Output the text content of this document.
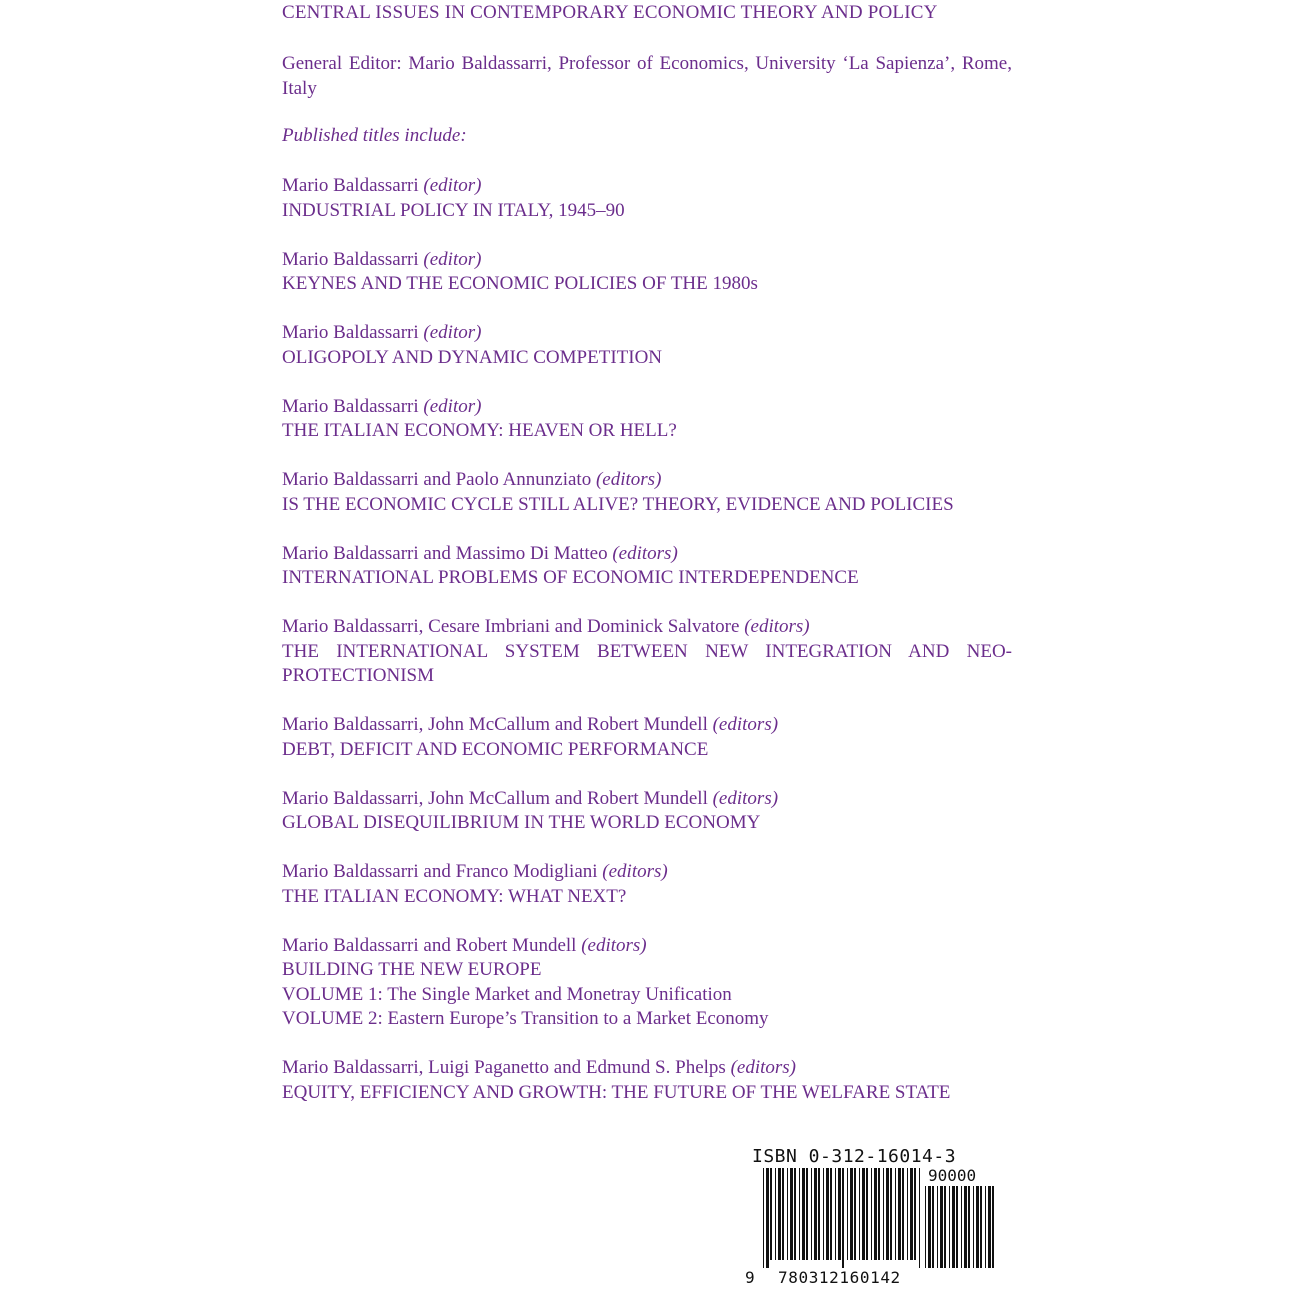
CENTRAL ISSUES IN CONTEMPORARY ECONOMIC THEORY AND POLICY
General Editor: Mario Baldassarri, Professor of Economics, University ‘La Sapienza’, Rome, Italy
Published titles include:
Mario Baldassarri (editor)
INDUSTRIAL POLICY IN ITALY, 1945–90
Mario Baldassarri (editor)
KEYNES AND THE ECONOMIC POLICIES OF THE 1980s
Mario Baldassarri (editor)
OLIGOPOLY AND DYNAMIC COMPETITION
Mario Baldassarri (editor)
THE ITALIAN ECONOMY: HEAVEN OR HELL?
Mario Baldassarri and Paolo Annunziato (editors)
IS THE ECONOMIC CYCLE STILL ALIVE? THEORY, EVIDENCE AND POLICIES
Mario Baldassarri and Massimo Di Matteo (editors)
INTERNATIONAL PROBLEMS OF ECONOMIC INTERDEPENDENCE
Mario Baldassarri, Cesare Imbriani and Dominick Salvatore (editors)
THE INTERNATIONAL SYSTEM BETWEEN NEW INTEGRATION AND NEO-PROTECTIONISM
Mario Baldassarri, John McCallum and Robert Mundell (editors)
DEBT, DEFICIT AND ECONOMIC PERFORMANCE
Mario Baldassarri, John McCallum and Robert Mundell (editors)
GLOBAL DISEQUILIBRIUM IN THE WORLD ECONOMY
Mario Baldassarri and Franco Modigliani (editors)
THE ITALIAN ECONOMY: WHAT NEXT?
Mario Baldassarri and Robert Mundell (editors)
BUILDING THE NEW EUROPE
VOLUME 1: The Single Market and Monetray Unification
VOLUME 2: Eastern Europe’s Transition to a Market Economy
Mario Baldassarri, Luigi Paganetto and Edmund S. Phelps (editors)
EQUITY, EFFICIENCY AND GROWTH: THE FUTURE OF THE WELFARE STATE
ISBN 0-312-16014-3
90000
9 780312160142
